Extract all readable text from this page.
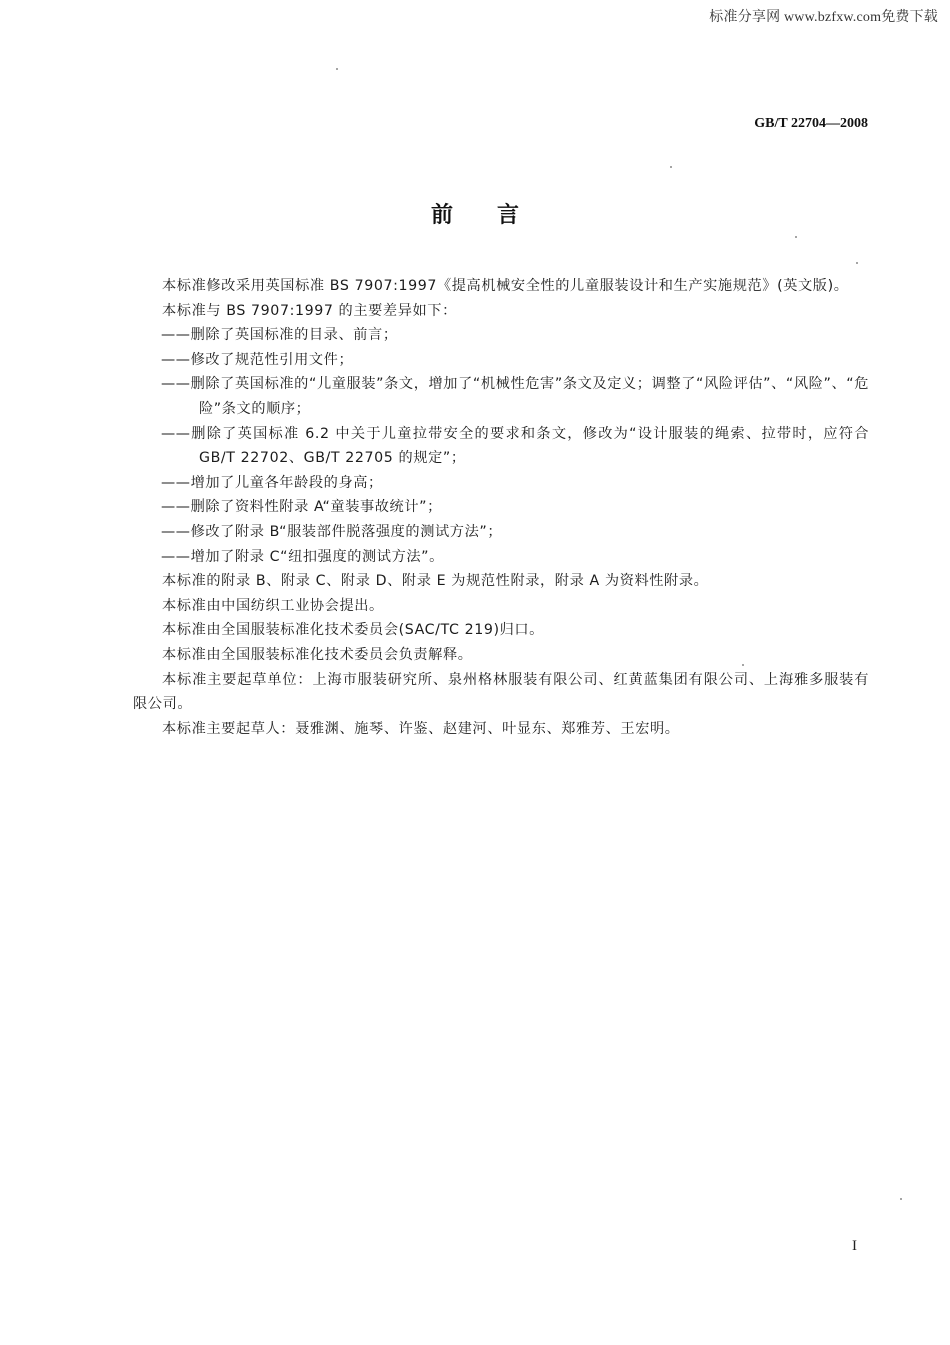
标准分享网 www.bzfxw.com免费下载
GB/T 22704—2008
前言

本标准修改采用英国标准 BS 7907:1997《提高机械安全性的儿童服装设计和生产实施规范》(英文版)。

本标准与 BS 7907:1997 的主要差异如下：

——删除了英国标准的目录、前言；

——修改了规范性引用文件；

——删除了英国标准的“儿童服装”条文，增加了“机械性危害”条文及定义；调整了“风险评估”、“风险”、“危险”条文的顺序；

——删除了英国标准 6.2 中关于儿童拉带安全的要求和条文，修改为“设计服装的绳索、拉带时，应符合 GB/T 22702、GB/T 22705 的规定”；

——增加了儿童各年龄段的身高；

——删除了资料性附录 A“童装事故统计”；

——修改了附录 B“服装部件脱落强度的测试方法”；

——增加了附录 C“纽扣强度的测试方法”。

本标准的附录 B、附录 C、附录 D、附录 E 为规范性附录，附录 A 为资料性附录。

本标准由中国纺织工业协会提出。

本标准由全国服装标准化技术委员会(SAC/TC 219)归口。

本标准由全国服装标准化技术委员会负责解释。

本标准主要起草单位：上海市服装研究所、泉州格林服装有限公司、红黄蓝集团有限公司、上海雅多服装有限公司。

本标准主要起草人：聂雅渊、施琴、许鉴、赵建河、叶显东、郑雅芳、王宏明。

I
